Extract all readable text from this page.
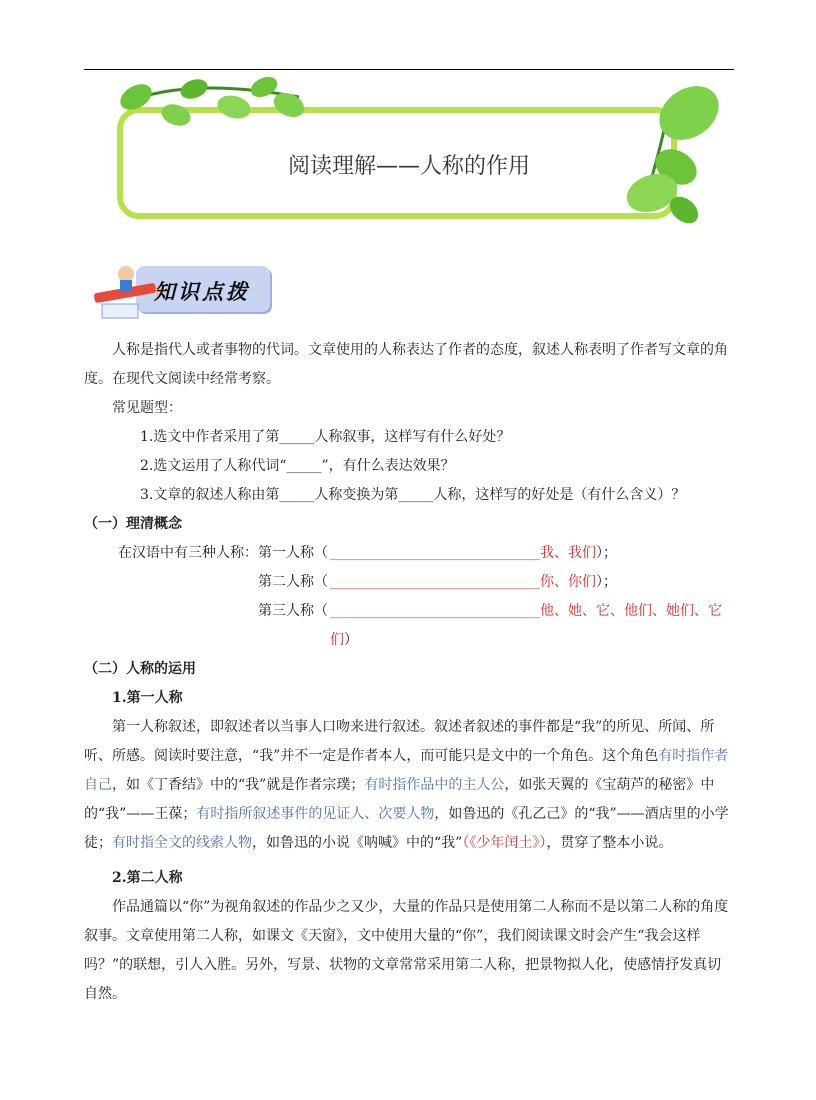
阅读理解——人称的作用
知识点拨

人称是指代人或者事物的代词。文章使用的人称表达了作者的态度，叙述人称表明了作者写文章的角度。在现代文阅读中经常考察。

常见题型：

1.选文中作者采用了第_____人称叙事，这样写有什么好处？

2.选文运用了人称代词“_____”，有什么表达效果？

3.文章的叙述人称由第_____人称变换为第_____人称，这样写的好处是（有什么含义）？

（一）理清概念

在汉语中有三种人称： 第一人称（ ______________________________我、我们）；
第二人称（ ______________________________你、你们）；
第三人称（ ______________________________他、她、它、他们、她们、它们）

（二）人称的运用

1.第一人称

第一人称叙述，即叙述者以当事人口吻来进行叙述。叙述者叙述的事件都是“我”的所见、所闻、所听、所感。阅读时要注意，“我”并不一定是作者本人，而可能只是文中的一个角色。这个角色有时指作者自己，如《丁香结》中的“我”就是作者宗璞；有时指作品中的主人公，如张天翼的《宝葫芦的秘密》中的“我”——王葆；有时指所叙述事件的见证人、次要人物，如鲁迅的《孔乙己》的“我”——酒店里的小学徒；有时指全文的线索人物，如鲁迅的小说《呐喊》中的“我”（《少年闰土》），贯穿了整本小说。

2.第二人称

作品通篇以“你”为视角叙述的作品少之又少，大量的作品只是使用第二人称而不是以第二人称的角度叙事。文章使用第二人称，如课文《天窗》，文中使用大量的“你”，我们阅读课文时会产生“我会这样吗？”的联想，引人入胜。另外，写景、状物的文章常常采用第二人称，把景物拟人化，使感情抒发真切自然。
